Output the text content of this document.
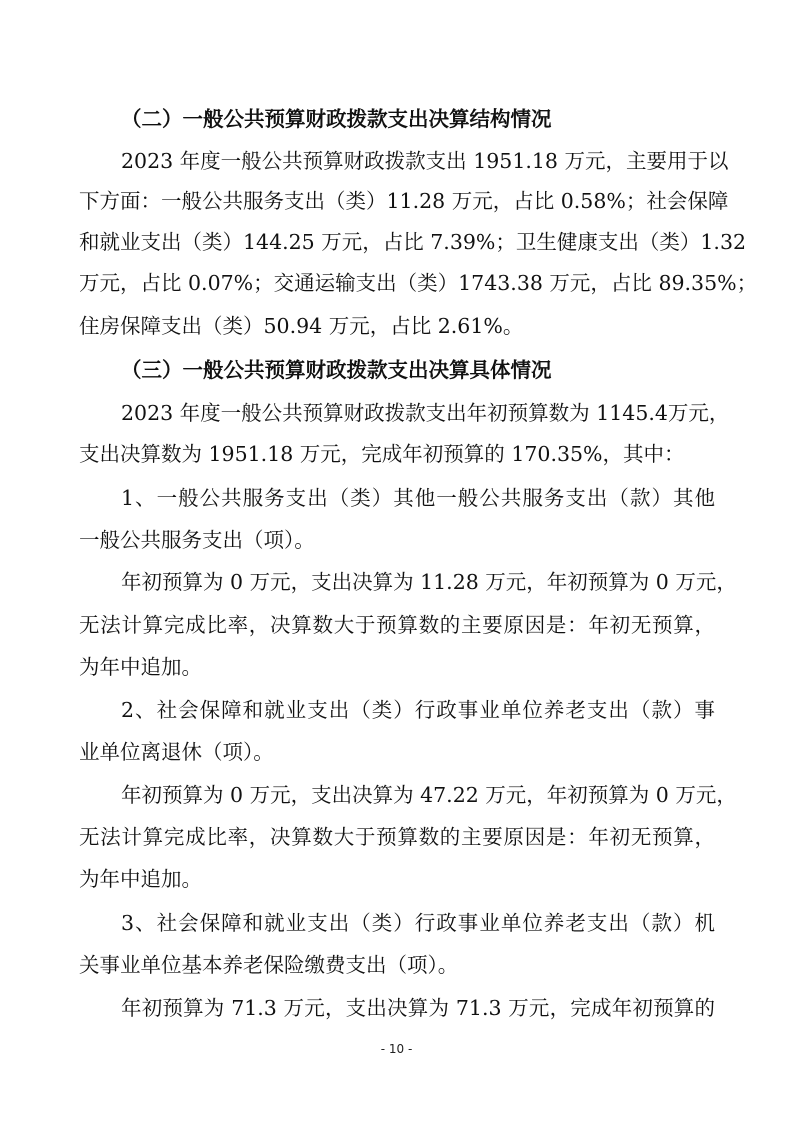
（二）一般公共预算财政拨款支出决算结构情况
2023 年度一般公共预算财政拨款支出 1951.18 万元，主要用于以
下方面：一般公共服务支出（类）11.28 万元，占比 0.58%；社会保障
和就业支出（类）144.25 万元，占比 7.39%；卫生健康支出（类）1.32
万元，占比 0.07%；交通运输支出（类）1743.38 万元，占比 89.35%；
住房保障支出（类）50.94 万元，占比 2.61%。
（三）一般公共预算财政拨款支出决算具体情况
2023 年度一般公共预算财政拨款支出年初预算数为 1145.4万元，
支出决算数为 1951.18 万元，完成年初预算的 170.35%，其中：
1、一般公共服务支出（类）其他一般公共服务支出（款）其他
一般公共服务支出（项）。
年初预算为 0 万元，支出决算为 11.28 万元，年初预算为 0 万元，
无法计算完成比率，决算数大于预算数的主要原因是：年初无预算，
为年中追加。
2、社会保障和就业支出（类）行政事业单位养老支出（款）事
业单位离退休（项）。
年初预算为 0 万元，支出决算为 47.22 万元，年初预算为 0 万元，
无法计算完成比率，决算数大于预算数的主要原因是：年初无预算，
为年中追加。
3、社会保障和就业支出（类）行政事业单位养老支出（款）机
关事业单位基本养老保险缴费支出（项）。
年初预算为 71.3 万元，支出决算为 71.3 万元，完成年初预算的
- 10 -
